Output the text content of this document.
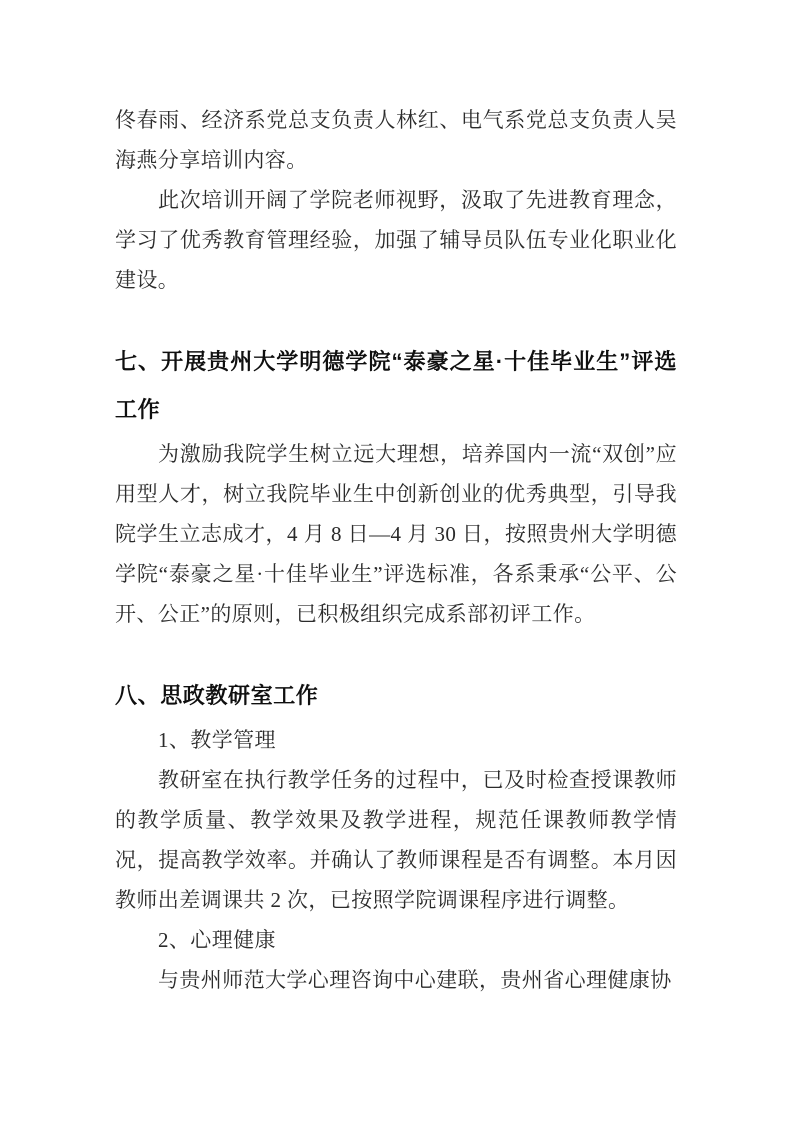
佟春雨、经济系党总支负责人林红、电气系党总支负责人吴海燕分享培训内容。

此次培训开阔了学院老师视野，汲取了先进教育理念，学习了优秀教育管理经验，加强了辅导员队伍专业化职业化建设。

七、开展贵州大学明德学院“泰豪之星·十佳毕业生”评选工作

为激励我院学生树立远大理想，培养国内一流“双创”应用型人才，树立我院毕业生中创新创业的优秀典型，引导我院学生立志成才，4 月 8 日—4 月 30 日，按照贵州大学明德学院“泰豪之星·十佳毕业生”评选标准，各系秉承“公平、公开、公正”的原则，已积极组织完成系部初评工作。

八、思政教研室工作

1、教学管理

教研室在执行教学任务的过程中，已及时检查授课教师的教学质量、教学效果及教学进程，规范任课教师教学情况，提高教学效率。并确认了教师课程是否有调整。本月因教师出差调课共 2 次，已按照学院调课程序进行调整。

2、心理健康

与贵州师范大学心理咨询中心建联，贵州省心理健康协
